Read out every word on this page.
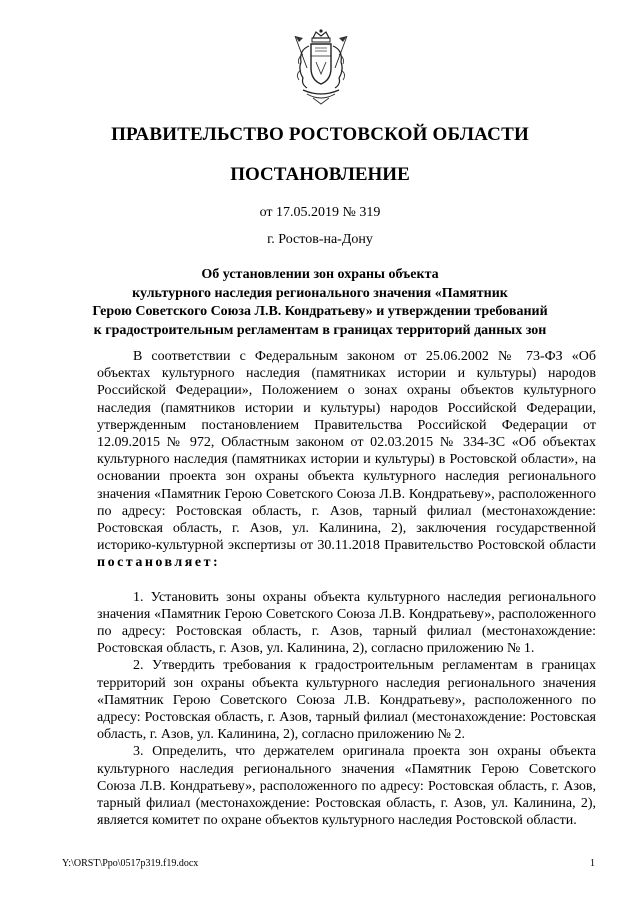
ПРАВИТЕЛЬСТВО РОСТОВСКОЙ ОБЛАСТИ
ПОСТАНОВЛЕНИЕ
от 17.05.2019 № 319
г. Ростов-на-Дону
Об установлении зон охраны объекта
культурного наследия регионального значения «Памятник
Герою Советского Союза Л.В. Кондратьеву» и утверждении требований
к градостроительным регламентам в границах территорий данных зон

В соответствии с Федеральным законом от 25.06.2002 № 73-ФЗ «Об объектах культурного наследия (памятниках истории и культуры) народов Российской Федерации», Положением о зонах охраны объектов культурного наследия (памятников истории и культуры) народов Российской Федерации, утвержденным постановлением Правительства Российской Федерации от 12.09.2015 № 972, Областным законом от 02.03.2015 № 334-ЗС «Об объектах культурного наследия (памятниках истории и культуры) в Ростовской области», на основании проекта зон охраны объекта культурного наследия регионального значения «Памятник Герою Советского Союза Л.В. Кондратьеву», расположенного по адресу: Ростовская область, г. Азов, тарный филиал (местонахождение: Ростовская область, г. Азов, ул. Калинина, 2), заключения государственной историко-культурной экспертизы от 30.11.2018 Правительство Ростовской области постановляет:

1. Установить зоны охраны объекта культурного наследия регионального значения «Памятник Герою Советского Союза Л.В. Кондратьеву», расположенного по адресу: Ростовская область, г. Азов, тарный филиал (местонахождение: Ростовская область, г. Азов, ул. Калинина, 2), согласно приложению № 1.

2. Утвердить требования к градостроительным регламентам в границах территорий зон охраны объекта культурного наследия регионального значения «Памятник Герою Советского Союза Л.В. Кондратьеву», расположенного по адресу: Ростовская область, г. Азов, тарный филиал (местонахождение: Ростовская область, г. Азов, ул. Калинина, 2), согласно приложению № 2.

3. Определить, что держателем оригинала проекта зон охраны объекта культурного наследия регионального значения «Памятник Герою Советского Союза Л.В. Кондратьеву», расположенного по адресу: Ростовская область, г. Азов, тарный филиал (местонахождение: Ростовская область, г. Азов, ул. Калинина, 2), является комитет по охране объектов культурного наследия Ростовской области.

Y:\ORST\Ppo\0517p319.f19.docx	1
